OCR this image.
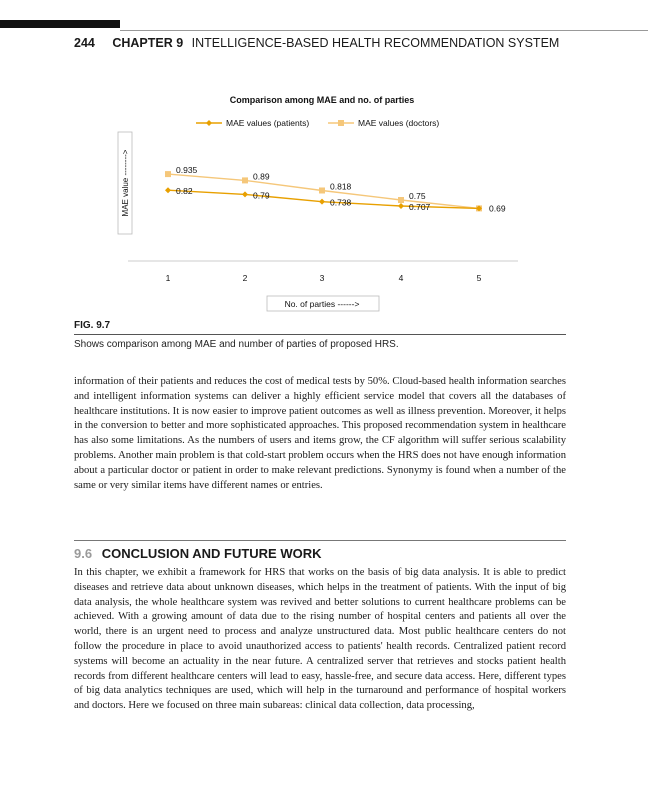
244 CHAPTER 9 INTELLIGENCE-BASED HEALTH RECOMMENDATION SYSTEM
Comparison among MAE and no. of parties
MAE values (patients)	MAE values (doctors)
MAE value -------->
1	2	3	4	5
0.82	0.79
0.738	0.707	0.69
0.935
0.89
0.818
0.75
No. of parties ------>
FIG. 9.7
Shows comparison among MAE and number of parties of proposed HRS.

information of their patients and reduces the cost of medical tests by 50%. Cloud-based health information searches and intelligent information systems can deliver a highly efficient service model that covers all the databases of healthcare institutions. It is now easier to improve patient outcomes as well as illness prevention. Moreover, it helps in the conversion to better and more sophisticated approaches. This proposed recommendation system in healthcare has also some limitations. As the numbers of users and items grow, the CF algorithm will suffer serious scalability problems. Another main problem is that cold-start problem occurs when the HRS does not have enough information about a particular doctor or patient in order to make relevant predictions. Synonymy is found when a number of the same or very similar items have different names or entries.

9.6 CONCLUSION AND FUTURE WORK

In this chapter, we exhibit a framework for HRS that works on the basis of big data analysis. It is able to predict diseases and retrieve data about unknown diseases, which helps in the treatment of patients. With the input of big data analysis, the whole healthcare system was revived and better solutions to current healthcare problems can be achieved. With a growing amount of data due to the rising number of hospital centers and patients all over the world, there is an urgent need to process and analyze unstructured data. Most public healthcare centers do not follow the procedure in place to avoid unauthorized access to patients' health records. Centralized patient record systems will become an actuality in the near future. A centralized server that retrieves and stocks patient health records from different healthcare centers will lead to easy, hassle-free, and secure data access. Here, different types of big data analytics techniques are used, which will help in the turnaround and performance of hospital workers and doctors. Here we focused on three main subareas: clinical data collection, data processing,
